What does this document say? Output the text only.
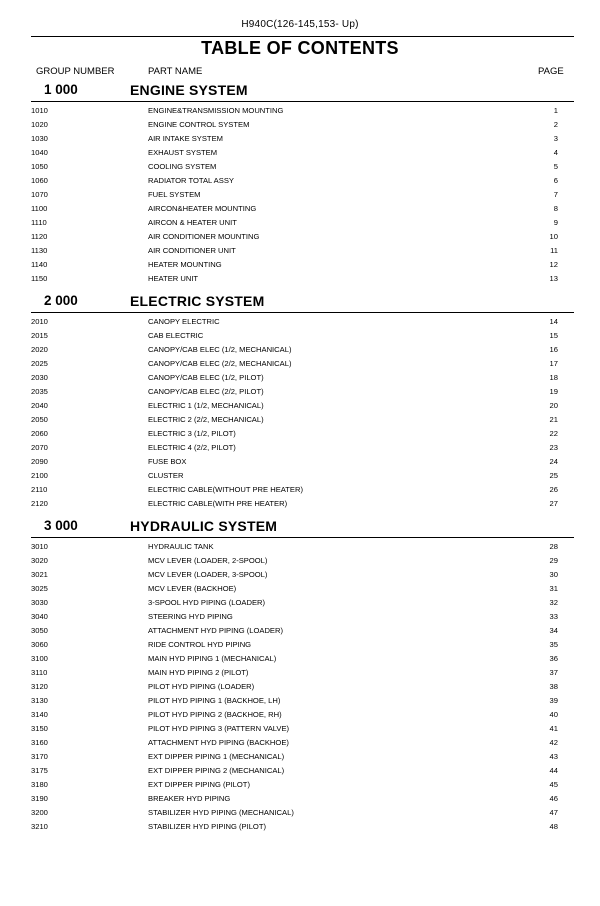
H940C(126-145,153- Up)
TABLE OF CONTENTS
GROUP NUMBER	PART NAME	PAGE
1 000	ENGINE SYSTEM
1010	ENGINE&TRANSMISSION MOUNTING	1
1020	ENGINE CONTROL SYSTEM	2
1030	AIR INTAKE SYSTEM	3
1040	EXHAUST SYSTEM	4
1050	COOLING SYSTEM	5
1060	RADIATOR TOTAL ASSY	6
1070	FUEL SYSTEM	7
1100	AIRCON&HEATER MOUNTING	8
1110	AIRCON & HEATER UNIT	9
1120	AIR CONDITIONER MOUNTING	10
1130	AIR CONDITIONER UNIT	11
1140	HEATER MOUNTING	12
1150	HEATER UNIT	13
2 000	ELECTRIC SYSTEM
2010	CANOPY ELECTRIC	14
2015	CAB ELECTRIC	15
2020	CANOPY/CAB ELEC (1/2, MECHANICAL)	16
2025	CANOPY/CAB ELEC (2/2, MECHANICAL)	17
2030	CANOPY/CAB ELEC (1/2, PILOT)	18
2035	CANOPY/CAB ELEC (2/2, PILOT)	19
2040	ELECTRIC 1 (1/2, MECHANICAL)	20
2050	ELECTRIC 2 (2/2, MECHANICAL)	21
2060	ELECTRIC 3 (1/2, PILOT)	22
2070	ELECTRIC 4 (2/2, PILOT)	23
2090	FUSE BOX	24
2100	CLUSTER	25
2110	ELECTRIC CABLE(WITHOUT PRE HEATER)	26
2120	ELECTRIC CABLE(WITH PRE HEATER)	27
3 000	HYDRAULIC SYSTEM
3010	HYDRAULIC TANK	28
3020	MCV LEVER (LOADER, 2-SPOOL)	29
3021	MCV LEVER (LOADER, 3-SPOOL)	30
3025	MCV LEVER (BACKHOE)	31
3030	3-SPOOL HYD PIPING (LOADER)	32
3040	STEERING HYD PIPING	33
3050	ATTACHMENT HYD PIPING (LOADER)	34
3060	RIDE CONTROL HYD PIPING	35
3100	MAIN HYD PIPING 1 (MECHANICAL)	36
3110	MAIN HYD PIPING 2 (PILOT)	37
3120	PILOT HYD PIPING (LOADER)	38
3130	PILOT HYD PIPING 1 (BACKHOE, LH)	39
3140	PILOT HYD PIPING 2 (BACKHOE, RH)	40
3150	PILOT HYD PIPING 3 (PATTERN VALVE)	41
3160	ATTACHMENT HYD PIPING (BACKHOE)	42
3170	EXT DIPPER PIPING 1 (MECHANICAL)	43
3175	EXT DIPPER PIPING 2 (MECHANICAL)	44
3180	EXT DIPPER PIPING (PILOT)	45
3190	BREAKER HYD PIPING	46
3200	STABILIZER HYD PIPING (MECHANICAL)	47
3210	STABILIZER HYD PIPING (PILOT)	48
